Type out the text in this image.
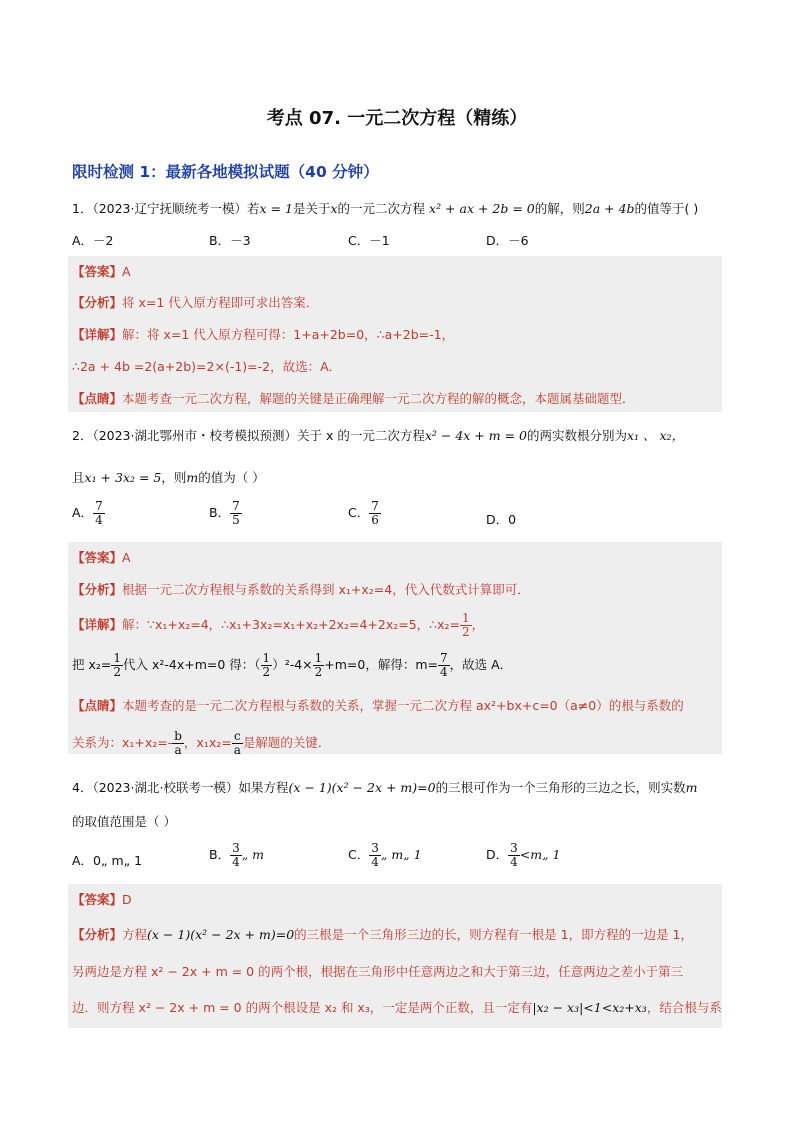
考点 07. 一元二次方程（精练）
限时检测 1：最新各地模拟试题（40 分钟）
1．（2023·辽宁抚顺统考一模）若x = 1是关于x的一元二次方程 x² + ax + 2b = 0的解，则2a + 4b的值等于( )
A．－2	B．－3	C．－1	D．－6
【答案】A
【分析】将 x=1 代入原方程即可求出答案．
【详解】解：将 x=1 代入原方程可得：1+a+2b=0，∴a+2b=-1，
∴2a + 4b =2(a+2b)=2×(-1)=-2，故选：A．
【点睛】本题考查一元二次方程，解题的关键是正确理解一元二次方程的解的概念，本题属基础题型．
2．（2023·湖北鄂州市・校考模拟预测）关于 x 的一元二次方程x² − 4x + m = 0的两实数根分别为x₁ 、 x₂，
且x₁ + 3x₂ = 5，则m的值为（ ）
A． $\frac{7}{4}$	B． $\frac{7}{5}$	C． $\frac{7}{6}$	D．0
【答案】A
【分析】根据一元二次方程根与系数的关系得到 x₁+x₂=4，代入代数式计算即可．
【详解】解：∵x₁+x₂=4，∴x₁+3x₂=x₁+x₂+2x₂=4+2x₂=5，∴x₂= $\frac{1}{2}$ ，
把 $x_2= \frac{1}{2}$ 代入 x²-4x+m=0 得：（ $\frac{1}{2} )^2-4\times \frac{1}{2} +m=0$，解得：$m= \frac{7}{4}$ ，故选 A．
【点睛】本题考查的是一元二次方程根与系数的关系，掌握一元二次方程 ax²+bx+c=0（a≠0）的根与系数的
关系为：$x_1+x_2=- \frac{b}{a}$ ，$x_1x_2= \frac{c}{a}$ 是解题的关键．
4．（2023·湖北·校联考一模）如果方程(x − 1)(x² − 2x + m)=0的三根可作为一个三角形的三边之长，则实数m
的取值范围是（ ）
A．0„ m„ 1	B． $\frac{3}{4}$ „ m	C． $\frac{3}{4}$ „ m„ 1	D． $\frac{3}{4}$ <m„ 1
【答案】D
【分析】方程(x − 1)(x² − 2x + m)=0的三根是一个三角形三边的长，则方程有一根是 1，即方程的一边是 1，
另两边是方程 x² − 2x + m = 0 的两个根，根据在三角形中任意两边之和大于第三边，任意两边之差小于第三
边．则方程 x² − 2x + m = 0 的两个根设是 x₂ 和 x₃，一定是两个正数，且一定有|x₂ − x₃|<1<x₂+x₃，结合根与系
